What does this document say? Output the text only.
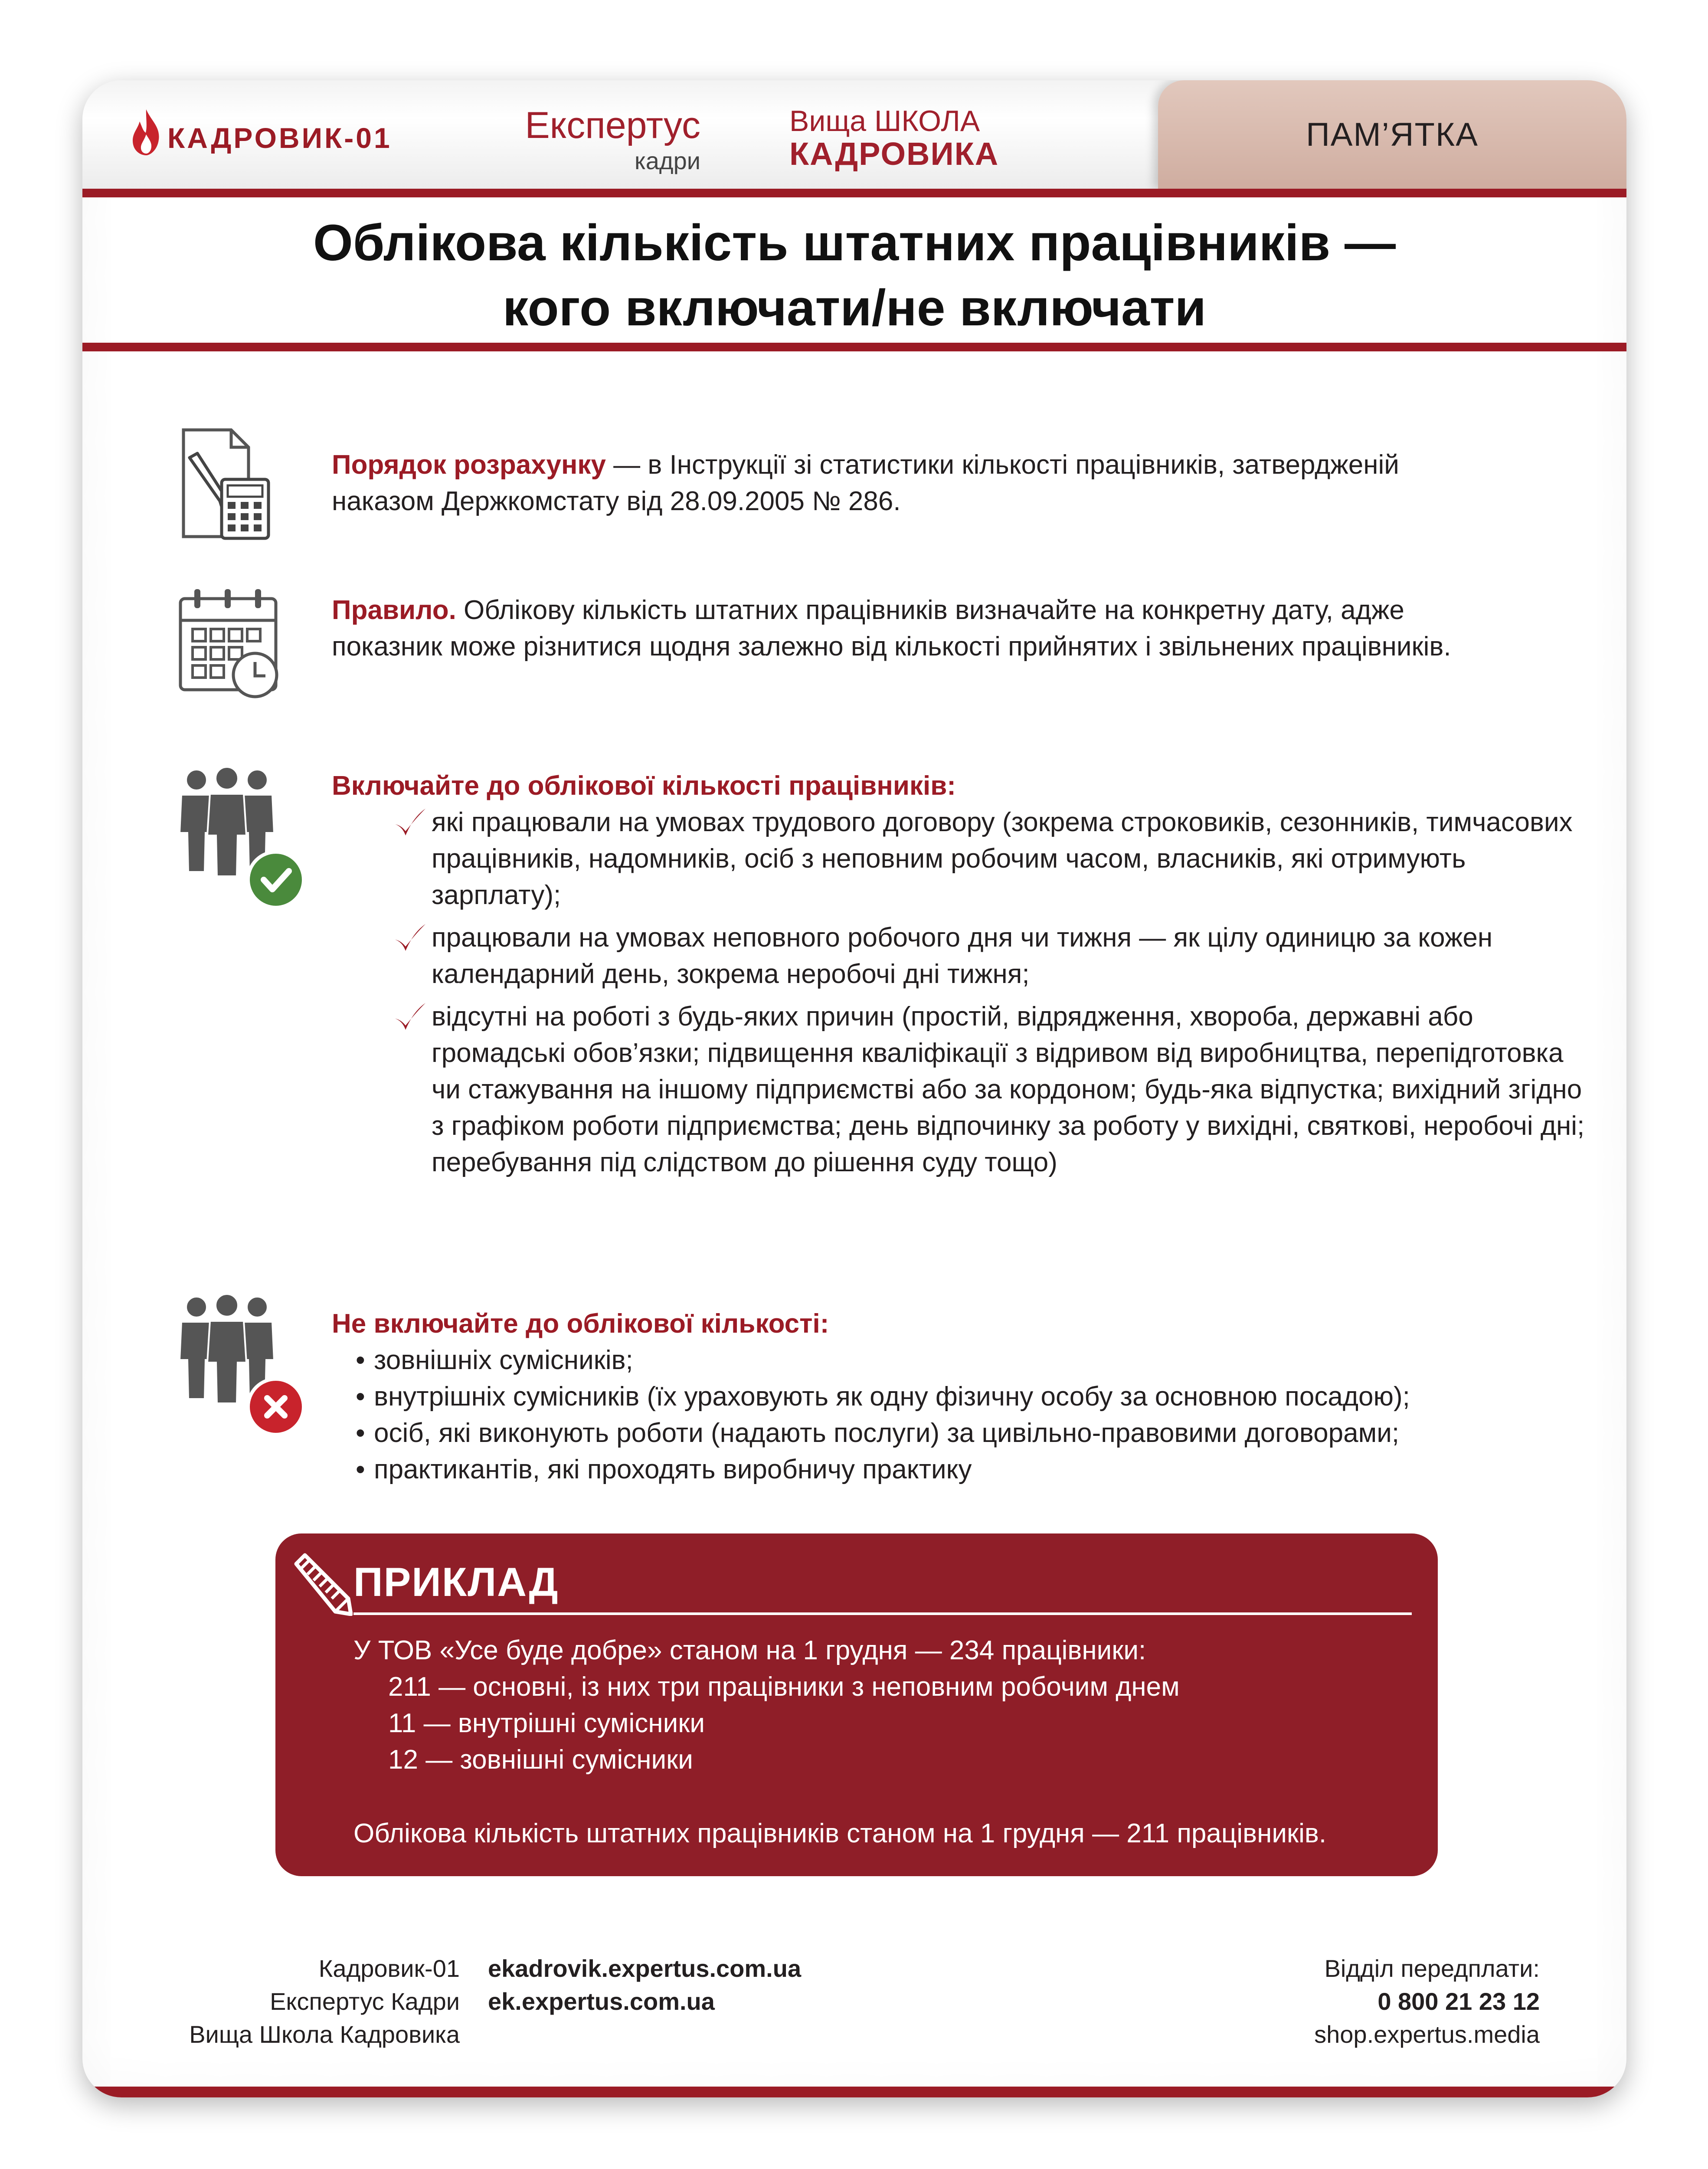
КАДРОВИК-01	Експертус
кадри
Вища ШКОЛА
КАДРОВИКА
ПАМ’ЯТКА
Облікова кількість штатних працівників —
кого включати/не включати
Порядок розрахунку — в Інструкції зі статистики кількості працівників, затвердженій наказом Держкомстату від 28.09.2005 № 286.
Правило. Облікову кількість штатних працівників визначайте на конкретну дату, адже показник може різнитися щодня залежно від кількості прийнятих і звільнених працівників.
Включайте до облікової кількості працівників:
які працювали на умовах трудового договору (зокрема строковиків, сезонників, тимчасових працівників, надомників, осіб з неповним робочим часом, власників, які отримують зарплату);
працювали на умовах неповного робочого дня чи тижня — як цілу одиницю за кожен календарний день, зокрема неробочі дні тижня;
відсутні на роботі з будь-яких причин (простій, відрядження, хвороба, державні або громадські обов’язки; підвищення кваліфікації з відривом від виробництва, перепідготовка чи стажування на іншому підприємстві або за кордоном; будь-яка відпустка; вихідний згідно з графіком роботи підприємства; день відпочинку за роботу у вихідні, святкові, неробочі дні; перебування під слідством до рішення суду тощо)
Не включайте до облікової кількості:
• зовнішніх сумісників;
• внутрішніх сумісників (їх ураховують як одну фізичну особу за основною посадою);
• осіб, які виконують роботи (надають послуги) за цивільно-правовими договорами;
• практикантів, які проходять виробничу практику
ПРИКЛАД
У ТОВ «Усе буде добре» станом на 1 грудня — 234 працівники:
211 — основні, із них три працівники з неповним робочим днем
11 — внутрішні сумісники
12 — зовнішні сумісники
Облікова кількість штатних працівників станом на 1 грудня — 211 працівників.
Кадровик-01
Експертус Кадри
Вища Школа Кадровика
ekadrovik.expertus.com.ua
ek.expertus.com.ua
Відділ передплати:
0 800 21 23 12
shop.expertus.media
